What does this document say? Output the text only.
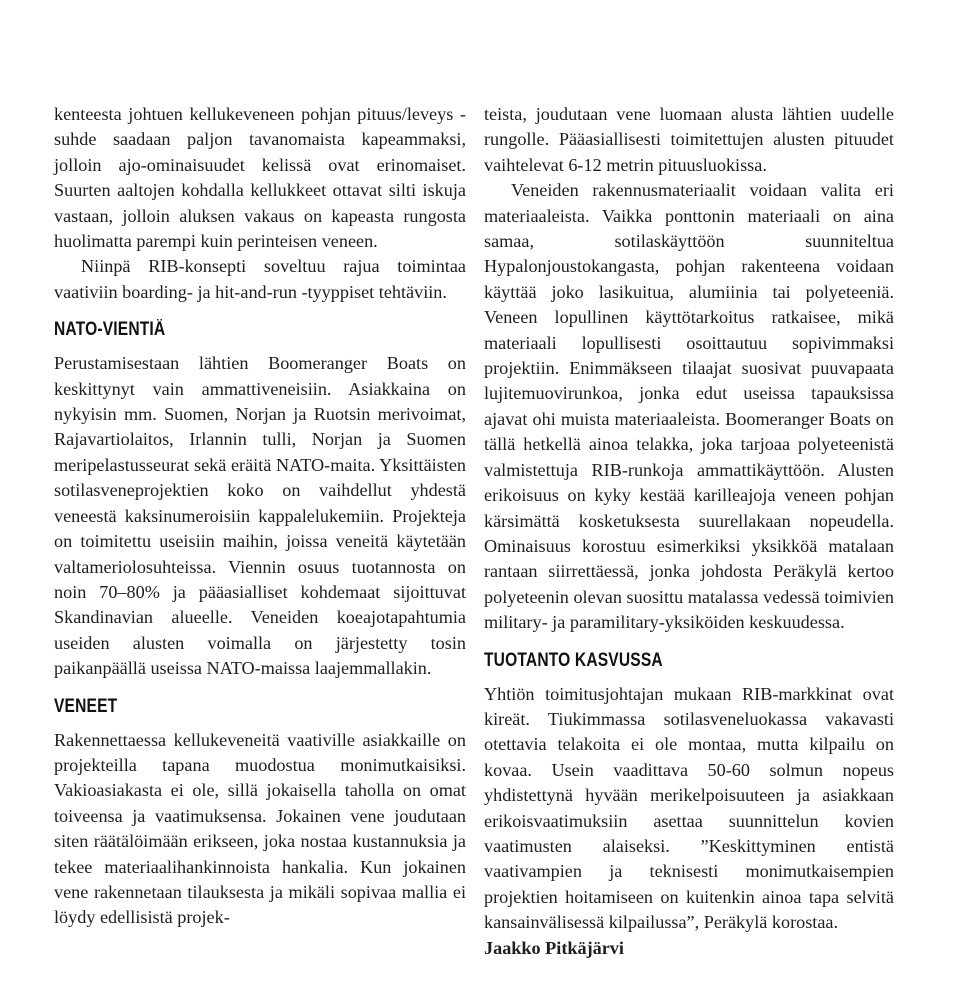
kenteesta johtuen kellukeveneen pohjan pituus/leveys -suhde saadaan paljon tavanomaista kapeammaksi, jolloin ajo-ominaisuudet kelissä ovat erinomaiset. Suurten aaltojen kohdalla kellukkeet ottavat silti iskuja vastaan, jolloin aluksen vakaus on kapeasta rungosta huolimatta parempi kuin perinteisen veneen.

Niinpä RIB-konsepti soveltuu rajua toimintaa vaativiin boarding- ja hit-and-run -tyyppiset tehtäviin.

NATO-VIENTIÄ

Perustamisestaan lähtien Boomeranger Boats on keskittynyt vain ammattiveneisiin. Asiakkaina on nykyisin mm. Suomen, Norjan ja Ruotsin merivoimat, Rajavartiolaitos, Irlannin tulli, Norjan ja Suomen meripelastusseurat sekä eräitä NATO-maita. Yksittäisten sotilasveneprojektien koko on vaihdellut yhdestä veneestä kaksinumeroisiin kappalelukemiin. Projekteja on toimitettu useisiin maihin, joissa veneitä käytetään valtameriolosuhteissa. Viennin osuus tuotannosta on noin 70–80% ja pääasialliset kohdemaat sijoittuvat Skandinavian alueelle. Veneiden koeajotapahtumia useiden alusten voimalla on järjestetty tosin paikanpäällä useissa NATO-maissa laajemmallakin.

VENEET

Rakennettaessa kellukeveneitä vaativille asiakkaille on projekteilla tapana muodostua monimutkaisiksi. Vakioasiakasta ei ole, sillä jokaisella taholla on omat toiveensa ja vaatimuksensa. Jokainen vene joudutaan siten räätälöimään erikseen, joka nostaa kustannuksia ja tekee materiaalihankinnoista hankalia. Kun jokainen vene rakennetaan tilauksesta ja mikäli sopivaa mallia ei löydy edellisistä projek-

teista, joudutaan vene luomaan alusta lähtien uudelle rungolle. Pääasiallisesti toimitettujen alusten pituudet vaihtelevat 6-12 metrin pituusluokissa.

Veneiden rakennusmateriaalit voidaan valita eri materiaaleista. Vaikka ponttonin materiaali on aina samaa, sotilaskäyttöön suunniteltua Hypalonjoustokangasta, pohjan rakenteena voidaan käyttää joko lasikuitua, alumiinia tai polyeteeniä. Veneen lopullinen käyttötarkoitus ratkaisee, mikä materiaali lopullisesti osoittautuu sopivimmaksi projektiin. Enimmäkseen tilaajat suosivat puuvapaata lujitemuovirunkoa, jonka edut useissa tapauksissa ajavat ohi muista materiaaleista. Boomeranger Boats on tällä hetkellä ainoa telakka, joka tarjoaa polyeteenistä valmistettuja RIB-runkoja ammattikäyttöön. Alusten erikoisuus on kyky kestää karilleajoja veneen pohjan kärsimättä kosketuksesta suurellakaan nopeudella. Ominaisuus korostuu esimerkiksi yksikköä matalaan rantaan siirrettäessä, jonka johdosta Peräkylä kertoo polyeteenin olevan suosittu matalassa vedessä toimivien military- ja paramilitary-yksiköiden keskuudessa.

TUOTANTO KASVUSSA

Yhtiön toimitusjohtajan mukaan RIB-markkinat ovat kireät. Tiukimmassa sotilasveneluokassa vakavasti otettavia telakoita ei ole montaa, mutta kilpailu on kovaa. Usein vaadittava 50-60 solmun nopeus yhdistettynä hyvään merikelpoisuuteen ja asiakkaan erikoisvaatimuksiin asettaa suunnittelun kovien vaatimusten alaiseksi. ”Keskittyminen entistä vaativampien ja teknisesti monimutkaisempien projektien hoitamiseen on kuitenkin ainoa tapa selvitä kansainvälisessä kilpailussa”, Peräkylä korostaa.

Jaakko Pitkäjärvi
